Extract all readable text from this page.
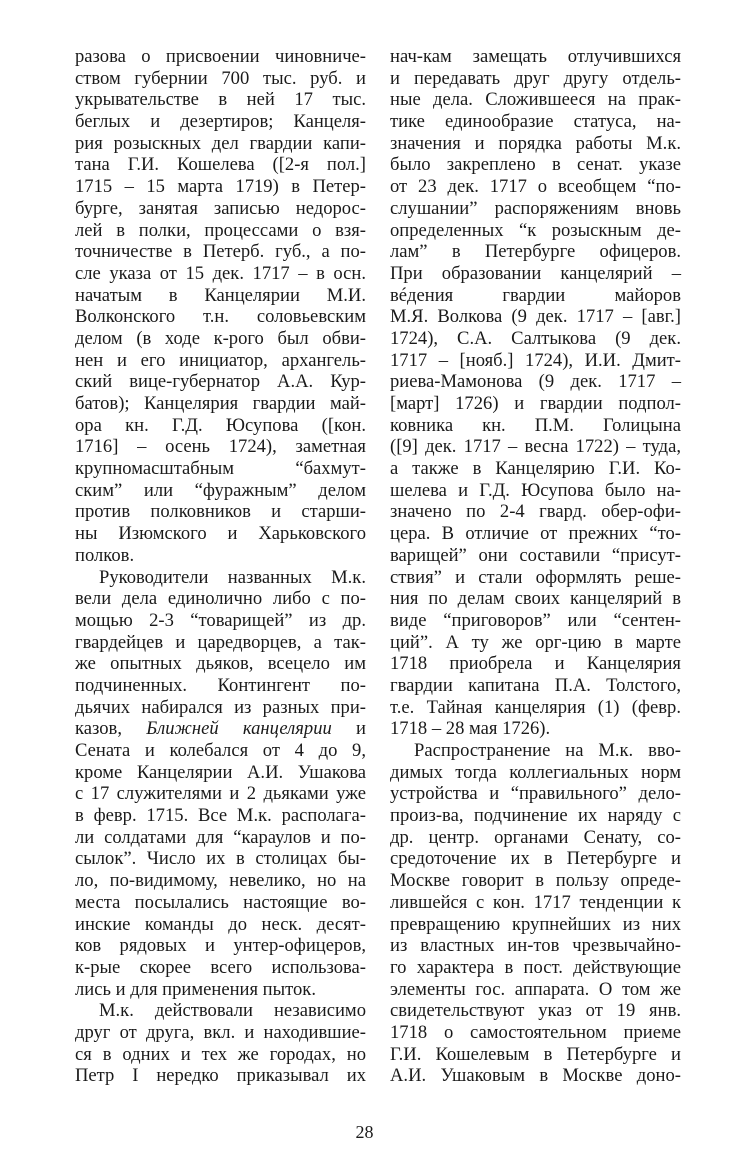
разова о присвоении чиновниче-
ством губернии 700 тыс. руб. и
укрывательстве в ней 17 тыс.
беглых и дезертиров; Канцеля-
рия розыскных дел гвардии капи-
тана Г.И. Кошелева ([2-я пол.]
1715 – 15 марта 1719) в Петер-
бурге, занятая записью недорос-
лей в полки, процессами о взя-
точничестве в Петерб. губ., а по-
сле указа от 15 дек. 1717 – в осн.
начатым в Канцелярии М.И.
Волконского т.н. соловьевским
делом (в ходе к-рого был обви-
нен и его инициатор, архангель-
ский вице-губернатор А.А. Кур-
батов); Канцелярия гвардии май-
ора кн. Г.Д. Юсупова ([кон.
1716] – осень 1724), заметная
крупномасштабным “бахмут-
ским” или “фуражным” делом
против полковников и старши-
ны Изюмского и Харьковского
полков.
Руководители названных М.к.
вели дела единолично либо с по-
мощью 2-3 “товарищей” из др.
гвардейцев и царедворцев, а так-
же опытных дьяков, всецело им
подчиненных. Контингент по-
дьячих набирался из разных при-
казов, Ближней канцелярии и
Сената и колебался от 4 до 9,
кроме Канцелярии А.И. Ушакова
с 17 служителями и 2 дьяками уже
в февр. 1715. Все М.к. располага-
ли солдатами для “караулов и по-
сылок”. Число их в столицах бы-
ло, по-видимому, невелико, но на
места посылались настоящие во-
инские команды до неск. десят-
ков рядовых и унтер-офицеров,
к-рые скорее всего использова-
лись и для применения пыток.
М.к. действовали независимо
друг от друга, вкл. и находившие-
ся в одних и тех же городах, но
Петр I нередко приказывал их
нач-кам замещать отлучившихся
и передавать друг другу отдель-
ные дела. Сложившееся на прак-
тике единообразие статуса, на-
значения и порядка работы М.к.
было закреплено в сенат. указе
от 23 дек. 1717 о всеобщем “по-
слушании” распоряжениям вновь
определенных “к розыскным де-
лам” в Петербурге офицеров.
При образовании канцелярий –
вéдения гвардии майоров
М.Я. Волкова (9 дек. 1717 – [авг.]
1724), С.А. Салтыкова (9 дек.
1717 – [нояб.] 1724), И.И. Дмит-
риева-Мамонова (9 дек. 1717 –
[март] 1726) и гвардии подпол-
ковника кн. П.М. Голицына
([9] дек. 1717 – весна 1722) – туда,
а также в Канцелярию Г.И. Ко-
шелева и Г.Д. Юсупова было на-
значено по 2-4 гвард. обер-офи-
цера. В отличие от прежних “то-
варищей” они составили “присут-
ствия” и стали оформлять реше-
ния по делам своих канцелярий в
виде “приговоров” или “сентен-
ций”. А ту же орг-цию в марте
1718 приобрела и Канцелярия
гвардии капитана П.А. Толстого,
т.е. Тайная канцелярия (1) (февр.
1718 – 28 мая 1726).
Распространение на М.к. вво-
димых тогда коллегиальных норм
устройства и “правильного” дело-
произ-ва, подчинение их наряду с
др. центр. органами Сенату, со-
средоточение их в Петербурге и
Москве говорит в пользу опреде-
лившейся с кон. 1717 тенденции к
превращению крупнейших из них
из властных ин-тов чрезвычайно-
го характера в пост. действующие
элементы гос. аппарата. О том же
свидетельствуют указ от 19 янв.
1718 о самостоятельном приеме
Г.И. Кошелевым в Петербурге и
А.И. Ушаковым в Москве доно-
28
